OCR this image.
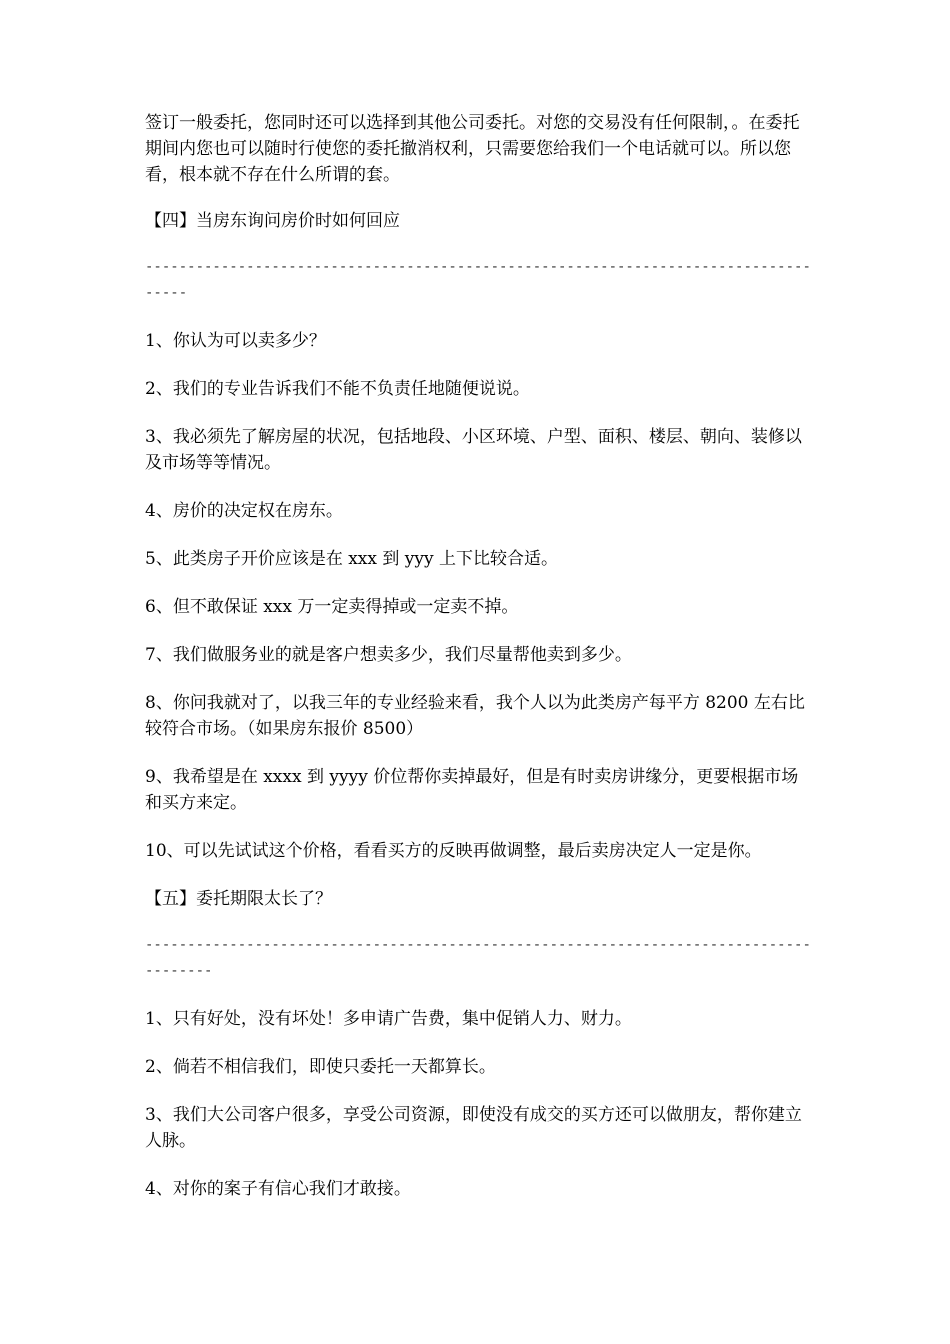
签订一般委托，您同时还可以选择到其他公司委托。对您的交易没有任何限制，。在委托期间内您也可以随时行使您的委托撤消权利，只需要您给我们一个电话就可以。所以您看，根本就不存在什么所谓的套。

【四】当房东询问房价时如何回应

------------------------------------------------------------------------------------

1、你认为可以卖多少？

2、我们的专业告诉我们不能不负责任地随便说说。

3、我必须先了解房屋的状况，包括地段、小区环境、户型、面积、楼层、朝向、装修以及市场等等情况。

4、房价的决定权在房东。

5、此类房子开价应该是在 xxx 到 yyy 上下比较合适。

6、但不敢保证 xxx 万一定卖得掉或一定卖不掉。

7、我们做服务业的就是客户想卖多少，我们尽量帮他卖到多少。

8、你问我就对了，以我三年的专业经验来看，我个人以为此类房产每平方 8200 左右比较符合市场。（如果房东报价 8500）

9、我希望是在 xxxx 到 yyyy 价位帮你卖掉最好，但是有时卖房讲缘分，更要根据市场和买方来定。

10、可以先试试这个价格，看看买方的反映再做调整，最后卖房决定人一定是你。

【五】委托期限太长了？

---------------------------------------------------------------------------------------

1、只有好处，没有坏处！多申请广告费，集中促销人力、财力。

2、倘若不相信我们，即使只委托一天都算长。

3、我们大公司客户很多，享受公司资源，即使没有成交的买方还可以做朋友，帮你建立人脉。

4、对你的案子有信心我们才敢接。
